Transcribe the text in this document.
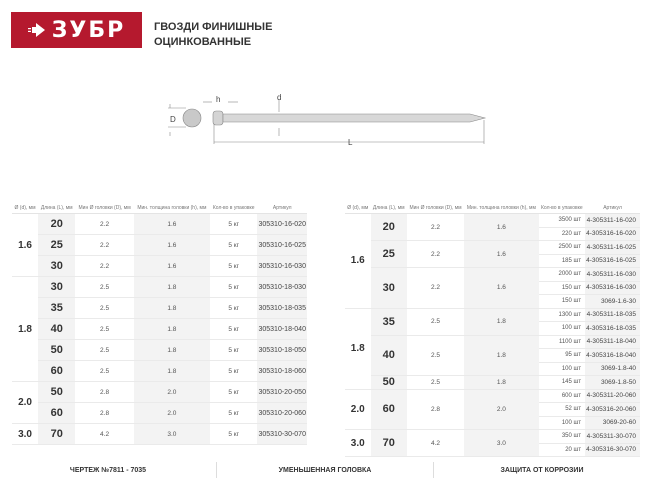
ЗУБР	ГВОЗДИ ФИНИШНЫЕ
ОЦИНКОВАННЫЕ
D
h	d
L
Ø (d), мм	Длина (L), мм	Мин Ø головки (D), мм	Мин. толщина головки (h), мм	Кол-во в упаковке	Артикул
1.6	20	2.2	1.6	5 кг	305310-16-020
	25	2.2	1.6	5 кг	305310-16-025
	30	2.2	1.6	5 кг	305310-16-030
1.8	30	2.5	1.8	5 кг	305310-18-030
	35	2.5	1.8	5 кг	305310-18-035
	40	2.5	1.8	5 кг	305310-18-040
	50	2.5	1.8	5 кг	305310-18-050
	60	2.5	1.8	5 кг	305310-18-060
2.0	50	2.8	2.0	5 кг	305310-20-050
	60	2.8	2.0	5 кг	305310-20-060
3.0	70	4.2	3.0	5 кг	305310-30-070
Ø (d), мм	Длина (L), мм	Мин Ø головки (D), мм	Мин. толщина головки (h), мм	Кол-во в упаковке	Артикул
1.6	20	2.2	1.6	3500 шт	4-305311-16-020
				220 шт	4-305316-16-020
	25	2.2	1.6	2500 шт	4-305311-16-025
				185 шт	4-305316-16-025
	30	2.2	1.6	2000 шт	4-305311-16-030
				150 шт	4-305316-16-030
				150 шт	3069-1.6-30
1.8	35	2.5	1.8	1300 шт	4-305311-18-035
				100 шт	4-305316-18-035
	40	2.5	1.8	1100 шт	4-305311-18-040
				95 шт	4-305316-18-040
				100 шт	3069-1.8-40
	50	2.5	1.8	145 шт	3069-1.8-50
2.0	60	2.8	2.0	600 шт	4-305311-20-060
				52 шт	4-305316-20-060
				100 шт	3069-20-60
3.0	70	4.2	3.0	350 шт	4-305311-30-070
				20 шт	4-305316-30-070
ЧЕРТЕЖ №7811 - 7035	УМЕНЬШЕННАЯ ГОЛОВКА	ЗАЩИТА ОТ КОРРОЗИИ
